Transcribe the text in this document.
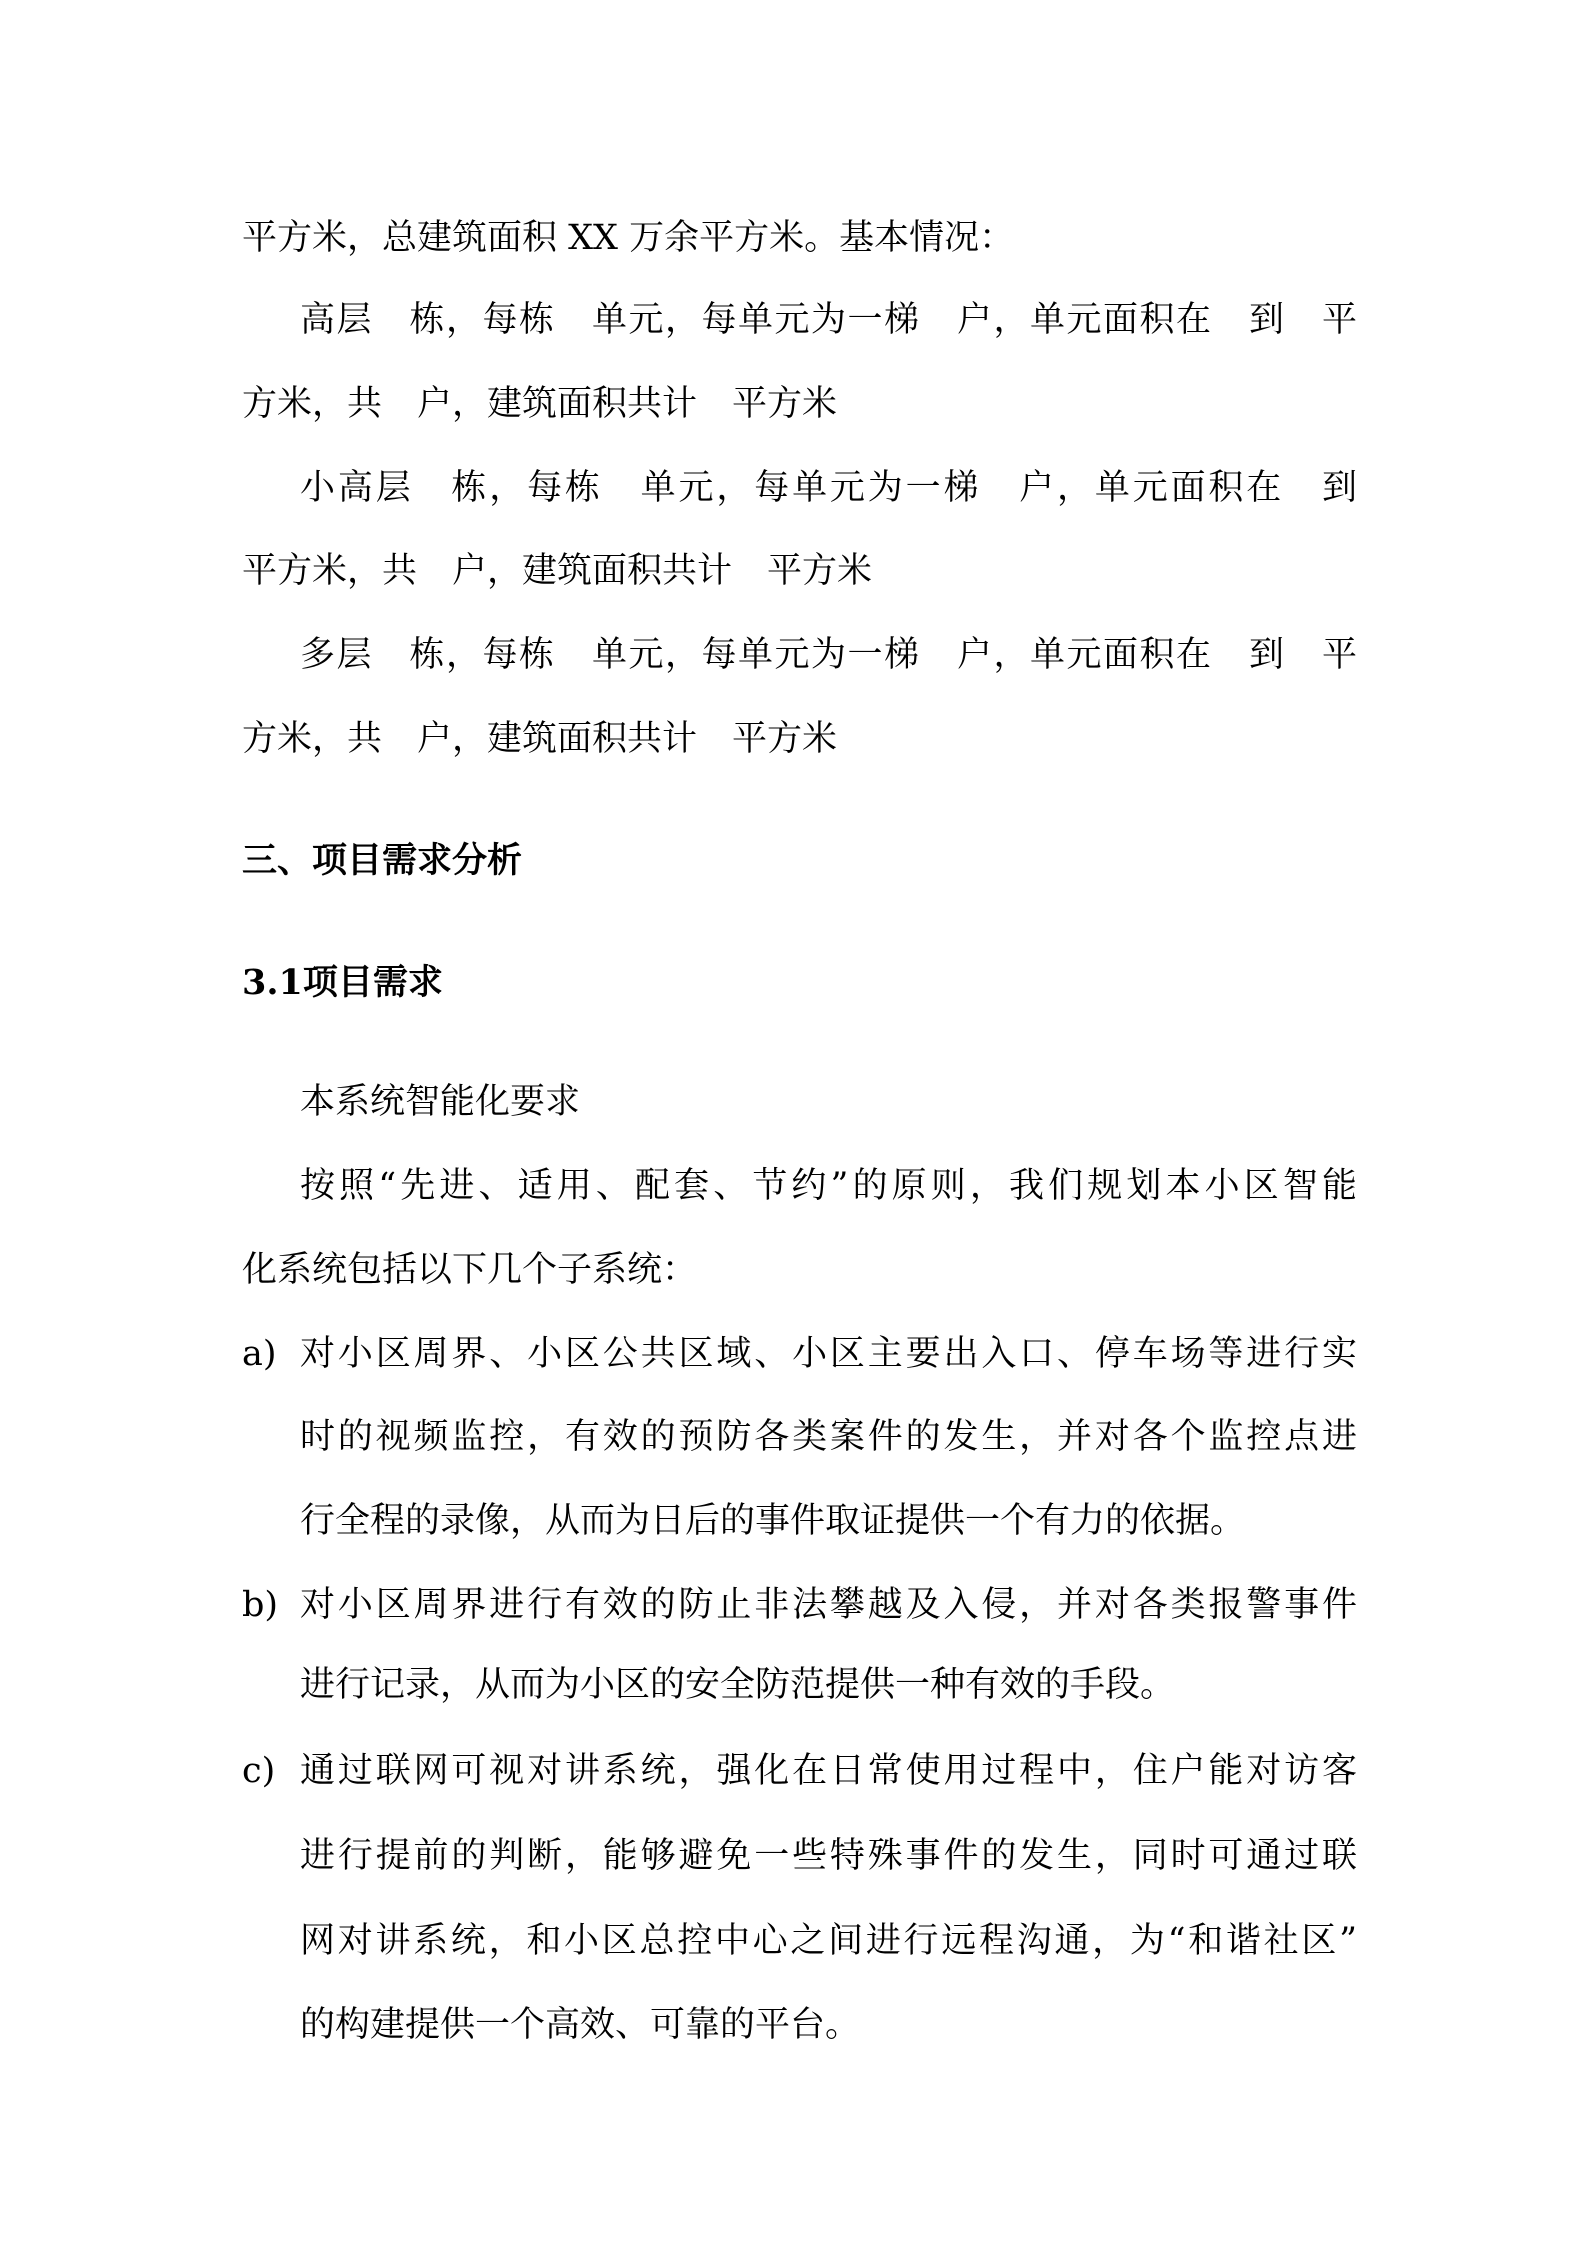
平方米，总建筑面积 XX 万余平方米。基本情况：
高层　栋，每栋　单元，每单元为一梯　户，单元面积在　到　平
方米，共　户，建筑面积共计　平方米
小高层　栋，每栋　单元，每单元为一梯　户，单元面积在　到
平方米，共　户，建筑面积共计　平方米
多层　栋，每栋　单元，每单元为一梯　户，单元面积在　到　平
方米，共　户，建筑面积共计　平方米
三、项目需求分析
3.1项目需求
本系统智能化要求
按照“先进、适用、配套、节约”的原则，我们规划本小区智能
化系统包括以下几个子系统：
a) 对小区周界、小区公共区域、小区主要出入口、停车场等进行实
时的视频监控，有效的预防各类案件的发生，并对各个监控点进
行全程的录像，从而为日后的事件取证提供一个有力的依据。
b) 对小区周界进行有效的防止非法攀越及入侵，并对各类报警事件
进行记录，从而为小区的安全防范提供一种有效的手段。
c) 通过联网可视对讲系统，强化在日常使用过程中，住户能对访客
进行提前的判断，能够避免一些特殊事件的发生，同时可通过联
网对讲系统，和小区总控中心之间进行远程沟通，为“和谐社区”
的构建提供一个高效、可靠的平台。
